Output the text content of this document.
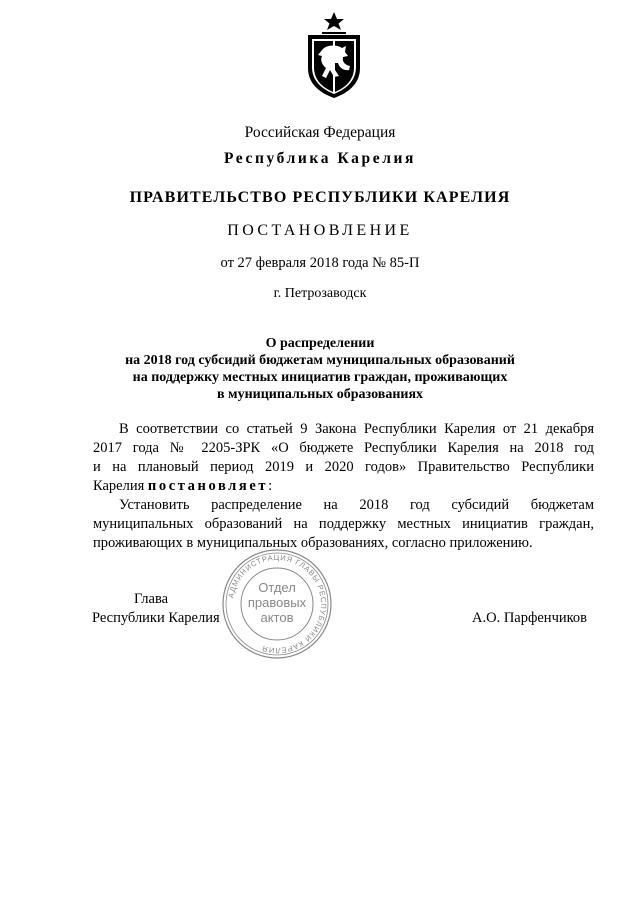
Российская Федерация
Республика Карелия
ПРАВИТЕЛЬСТВО РЕСПУБЛИКИ КАРЕЛИЯ
ПОСТАНОВЛЕНИЕ
от 27 февраля 2018 года № 85-П
г. Петрозаводск
О распределении
на 2018 год субсидий бюджетам муниципальных образований
на поддержку местных инициатив граждан, проживающих
в муниципальных образованиях
В соответствии со статьей 9 Закона Республики Карелия от 21 декабря
2017 года № 2205-ЗРК «О бюджете Республики Карелия на 2018 год
и на плановый период 2019 и 2020 годов» Правительство Республики
Карелия постановляет:
Установить распределение на 2018 год субсидий бюджетам
муниципальных образований на поддержку местных инициатив граждан,
проживающих в муниципальных образованиях, согласно приложению.
Глава
Республики Карелия	А.О. Парфенчиков
АДМИНИСТРАЦИЯ ГЛАВЫ РЕСПУБЛИКИ КАРЕЛИЯ
Отдел
правовых
актов
